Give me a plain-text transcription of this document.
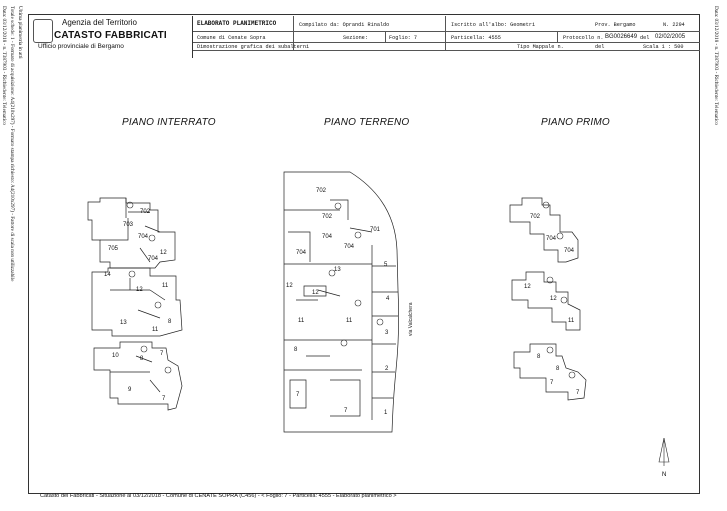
Data: 03/12/2018 - n. T387903 - Richiedente: Telematico Totale schede: 1 - Formato di acquisizione: A4(210x297) - Formato stampa richiesto: A4(210x297) - Fattore di scala non utilizzabile Ultima planimetria in atti	Data: 03/12/2018 - n. T387903 - Richiedente: Telematico
Agenzia del Territorio
CATASTO FABBRICATI
Ufficio provinciale di Bergamo
ELABORATO PLANIMETRICO	Compilato da: Oprandi Rinaldo	Iscritto all'albo: Geometri	Prov. Bergamo	N. 2294
Comune di Cenate Sopra	Sezione:	Foglio: 7	Particella: 4555	Protocollo n. BG0026649 del 02/02/2005
Dimostrazione grafica dei subalterni	Tipo Mappale n.	del	Scala 1 : 500
PIANO INTERRATO	PIANO TERRENO	PIANO PRIMO
702
703
704
705
704
12
14
12
11
13
11
8
10	8
7
9
7
702
702
701
704
704
704
5
13
12
12
4
11	11
3
8
2
7
7	1
702
704
704
12
12
11
8
8
7
7
via Valcalchera
N
Catasto dei Fabbricati - Situazione al 03/12/2018 - Comune di CENATE SOPRA (C456) - < Foglio: 7 - Particella: 4555 - Elaborato planimetrico >
